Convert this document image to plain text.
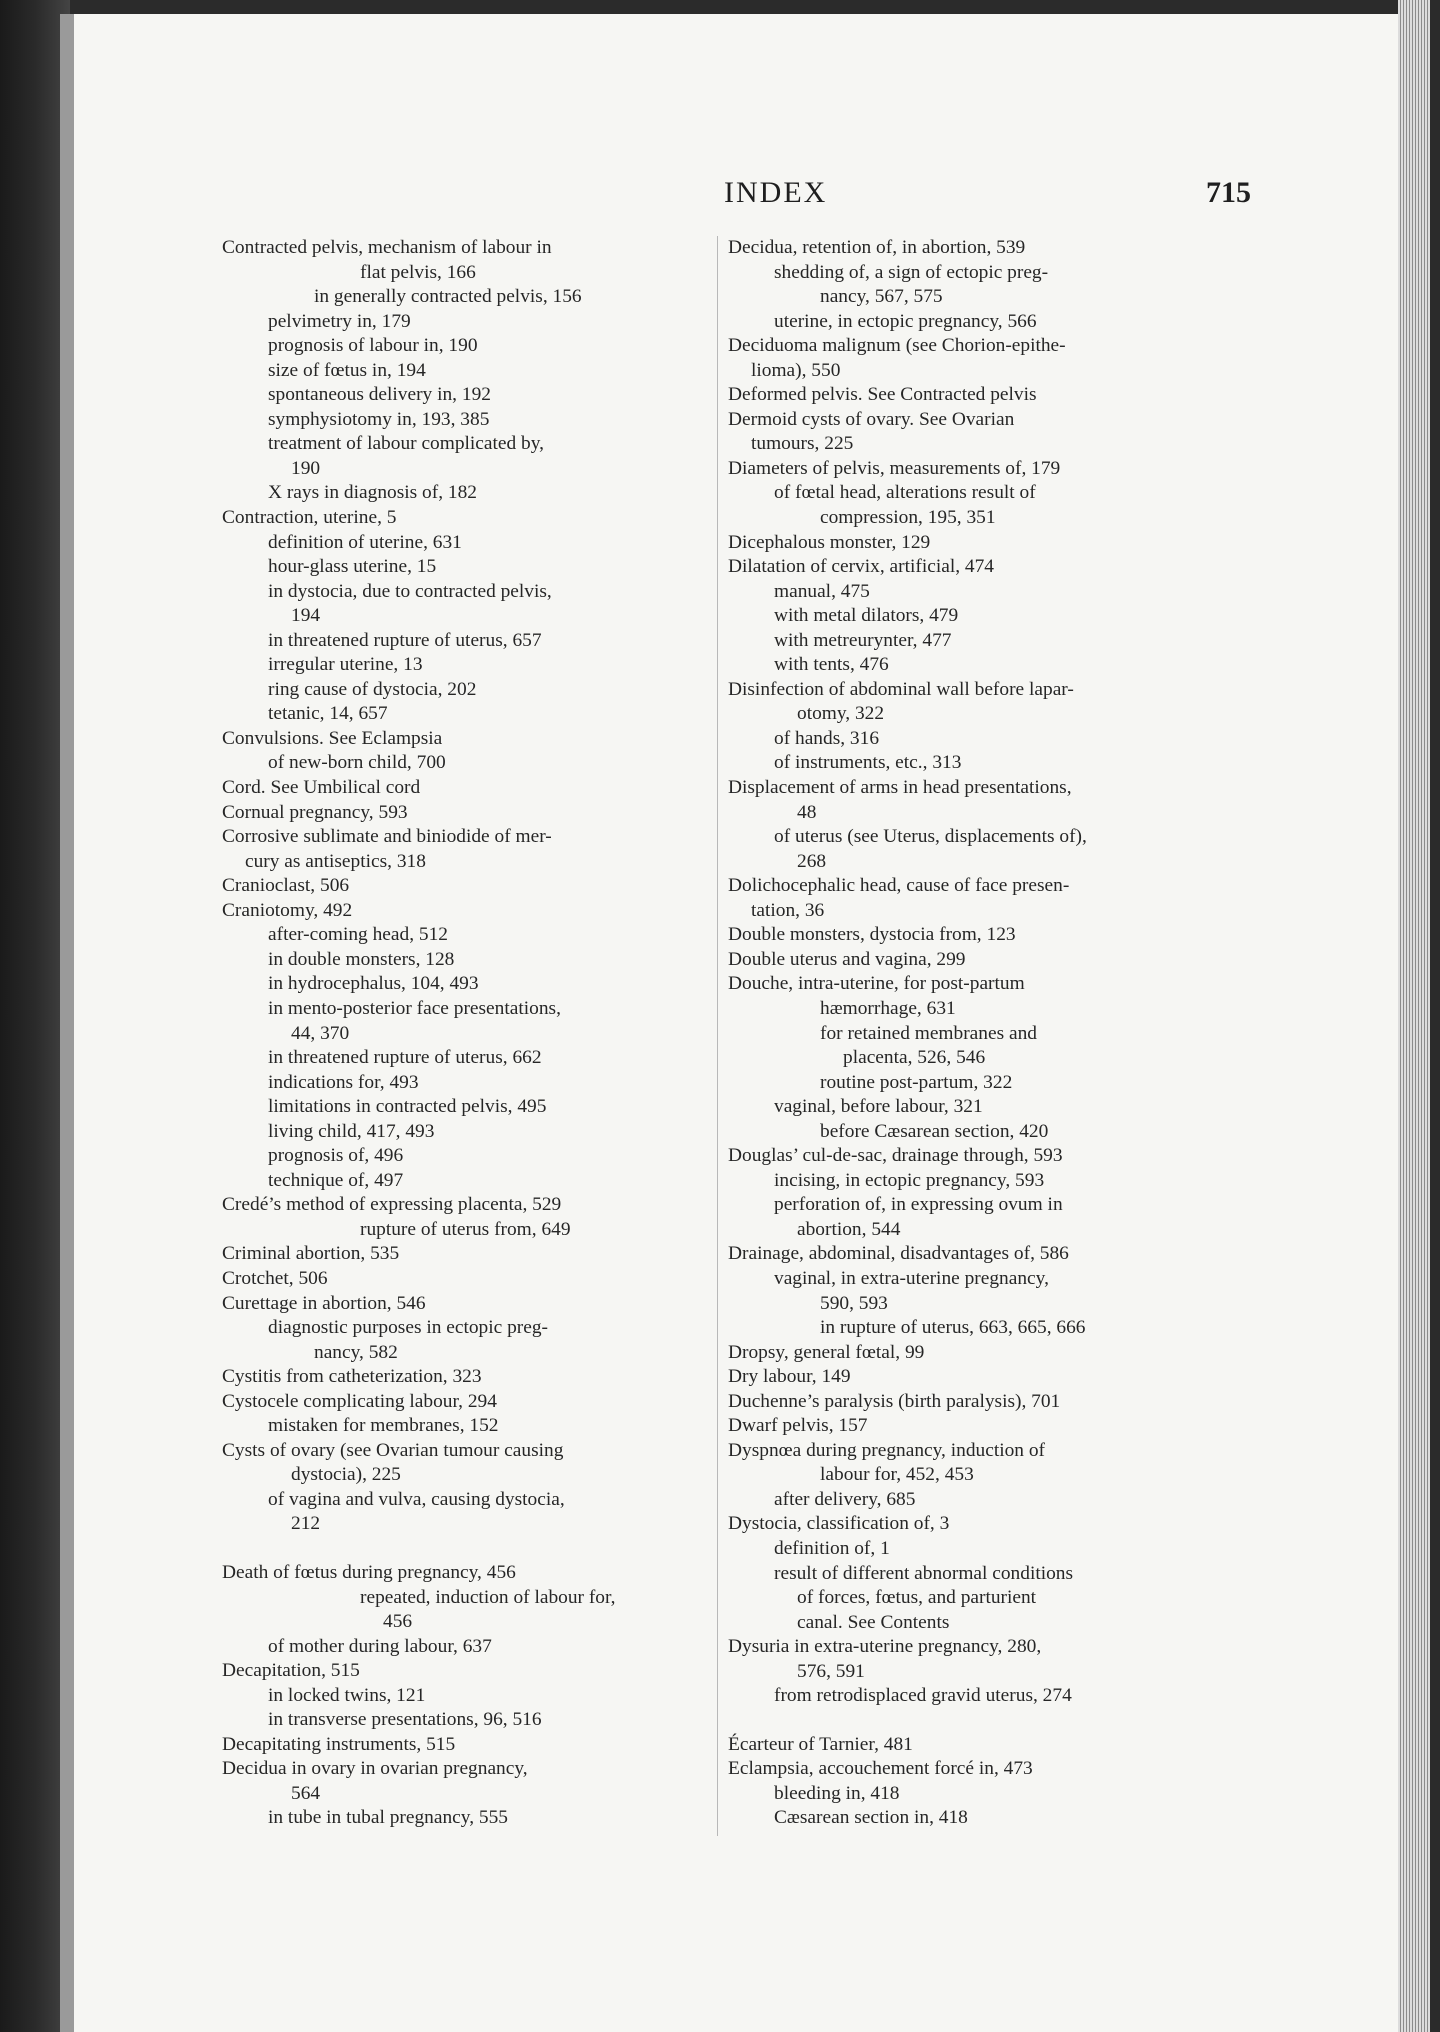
INDEX	715
Contracted pelvis, mechanism of labour in
flat pelvis, 166
in generally contracted pelvis, 156
pelvimetry in, 179
prognosis of labour in, 190
size of fœtus in, 194
spontaneous delivery in, 192
symphysiotomy in, 193, 385
treatment of labour complicated by,
190
X rays in diagnosis of, 182
Contraction, uterine, 5
definition of uterine, 631
hour-glass uterine, 15
in dystocia, due to contracted pelvis,
194
in threatened rupture of uterus, 657
irregular uterine, 13
ring cause of dystocia, 202
tetanic, 14, 657
Convulsions. See Eclampsia
of new-born child, 700
Cord. See Umbilical cord
Cornual pregnancy, 593
Corrosive sublimate and biniodide of mer-
cury as antiseptics, 318
Cranioclast, 506
Craniotomy, 492
after-coming head, 512
in double monsters, 128
in hydrocephalus, 104, 493
in mento-posterior face presentations,
44, 370
in threatened rupture of uterus, 662
indications for, 493
limitations in contracted pelvis, 495
living child, 417, 493
prognosis of, 496
technique of, 497
Credé’s method of expressing placenta, 529
rupture of uterus from, 649
Criminal abortion, 535
Crotchet, 506
Curettage in abortion, 546
diagnostic purposes in ectopic preg-
nancy, 582
Cystitis from catheterization, 323
Cystocele complicating labour, 294
mistaken for membranes, 152
Cysts of ovary (see Ovarian tumour causing
dystocia), 225
of vagina and vulva, causing dystocia,
212
Death of fœtus during pregnancy, 456
repeated, induction of labour for,
456
of mother during labour, 637
Decapitation, 515
in locked twins, 121
in transverse presentations, 96, 516
Decapitating instruments, 515
Decidua in ovary in ovarian pregnancy,
564
in tube in tubal pregnancy, 555
Decidua, retention of, in abortion, 539
shedding of, a sign of ectopic preg-
nancy, 567, 575
uterine, in ectopic pregnancy, 566
Deciduoma malignum (see Chorion-epithe-
lioma), 550
Deformed pelvis. See Contracted pelvis
Dermoid cysts of ovary. See Ovarian
tumours, 225
Diameters of pelvis, measurements of, 179
of fœtal head, alterations result of
compression, 195, 351
Dicephalous monster, 129
Dilatation of cervix, artificial, 474
manual, 475
with metal dilators, 479
with metreurynter, 477
with tents, 476
Disinfection of abdominal wall before lapar-
otomy, 322
of hands, 316
of instruments, etc., 313
Displacement of arms in head presentations,
48
of uterus (see Uterus, displacements of),
268
Dolichocephalic head, cause of face presen-
tation, 36
Double monsters, dystocia from, 123
Double uterus and vagina, 299
Douche, intra-uterine, for post-partum
hæmorrhage, 631
for retained membranes and
placenta, 526, 546
routine post-partum, 322
vaginal, before labour, 321
before Cæsarean section, 420
Douglas’ cul-de-sac, drainage through, 593
incising, in ectopic pregnancy, 593
perforation of, in expressing ovum in
abortion, 544
Drainage, abdominal, disadvantages of, 586
vaginal, in extra-uterine pregnancy,
590, 593
in rupture of uterus, 663, 665, 666
Dropsy, general fœtal, 99
Dry labour, 149
Duchenne’s paralysis (birth paralysis), 701
Dwarf pelvis, 157
Dyspnœa during pregnancy, induction of
labour for, 452, 453
after delivery, 685
Dystocia, classification of, 3
definition of, 1
result of different abnormal conditions
of forces, fœtus, and parturient
canal. See Contents
Dysuria in extra-uterine pregnancy, 280,
576, 591
from retrodisplaced gravid uterus, 274
Écarteur of Tarnier, 481
Eclampsia, accouchement forcé in, 473
bleeding in, 418
Cæsarean section in, 418
